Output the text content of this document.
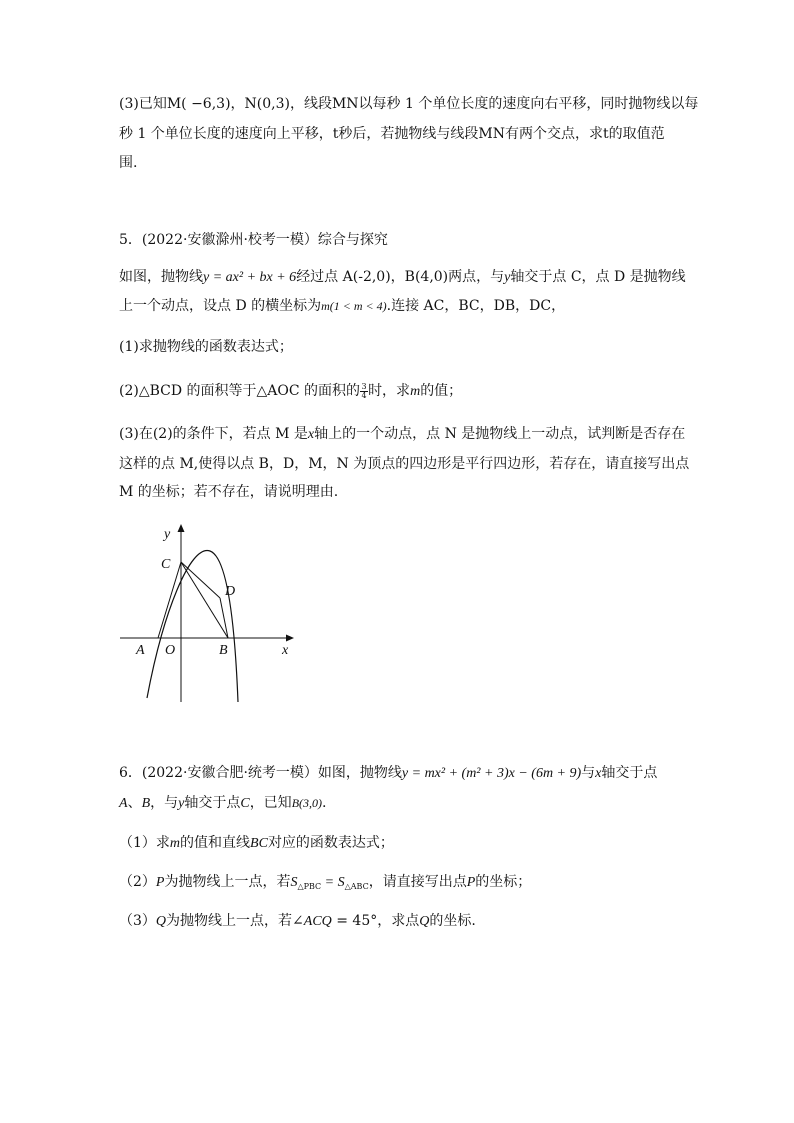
(3)已知M( −6,3)，N(0,3)，线段MN以每秒 1 个单位长度的速度向右平移，同时抛物线以每
秒 1 个单位长度的速度向上平移，t秒后，若抛物线与线段MN有两个交点，求t的取值范
围.
5．(2022·安徽滁州·校考一模）综合与探究
如图，抛物线y = ax² + bx + 6经过点 A(-2,0)，B(4,0)两点，与y轴交于点 C，点 D 是抛物线
上一个动点，设点 D 的横坐标为m(1 < m < 4).连接 AC，BC，DB，DC，
(1)求抛物线的函数表达式；
(2)△BCD 的面积等于△AOC 的面积的 $\frac{3}{4}$ 时，求m的值；
(3)在(2)的条件下，若点 M 是x轴上的一个动点，点 N 是抛物线上一动点，试判断是否存在
这样的点 M,使得以点 B，D，M，N 为顶点的四边形是平行四边形，若存在，请直接写出点
M 的坐标；若不存在，请说明理由.
y
C
D
A O	B	x
6．(2022·安徽合肥·统考一模）如图，抛物线y = mx² + (m² + 3)x − (6m + 9)与x轴交于点
A、B，与y轴交于点C，已知B(3,0).
（1）求m的值和直线BC对应的函数表达式；
（2）P为抛物线上一点，若$S_{\triangle PBC} = S_{\triangle ABC}$，请直接写出点P的坐标；
（3）Q为抛物线上一点，若∠ACQ = 45°，求点Q的坐标.
